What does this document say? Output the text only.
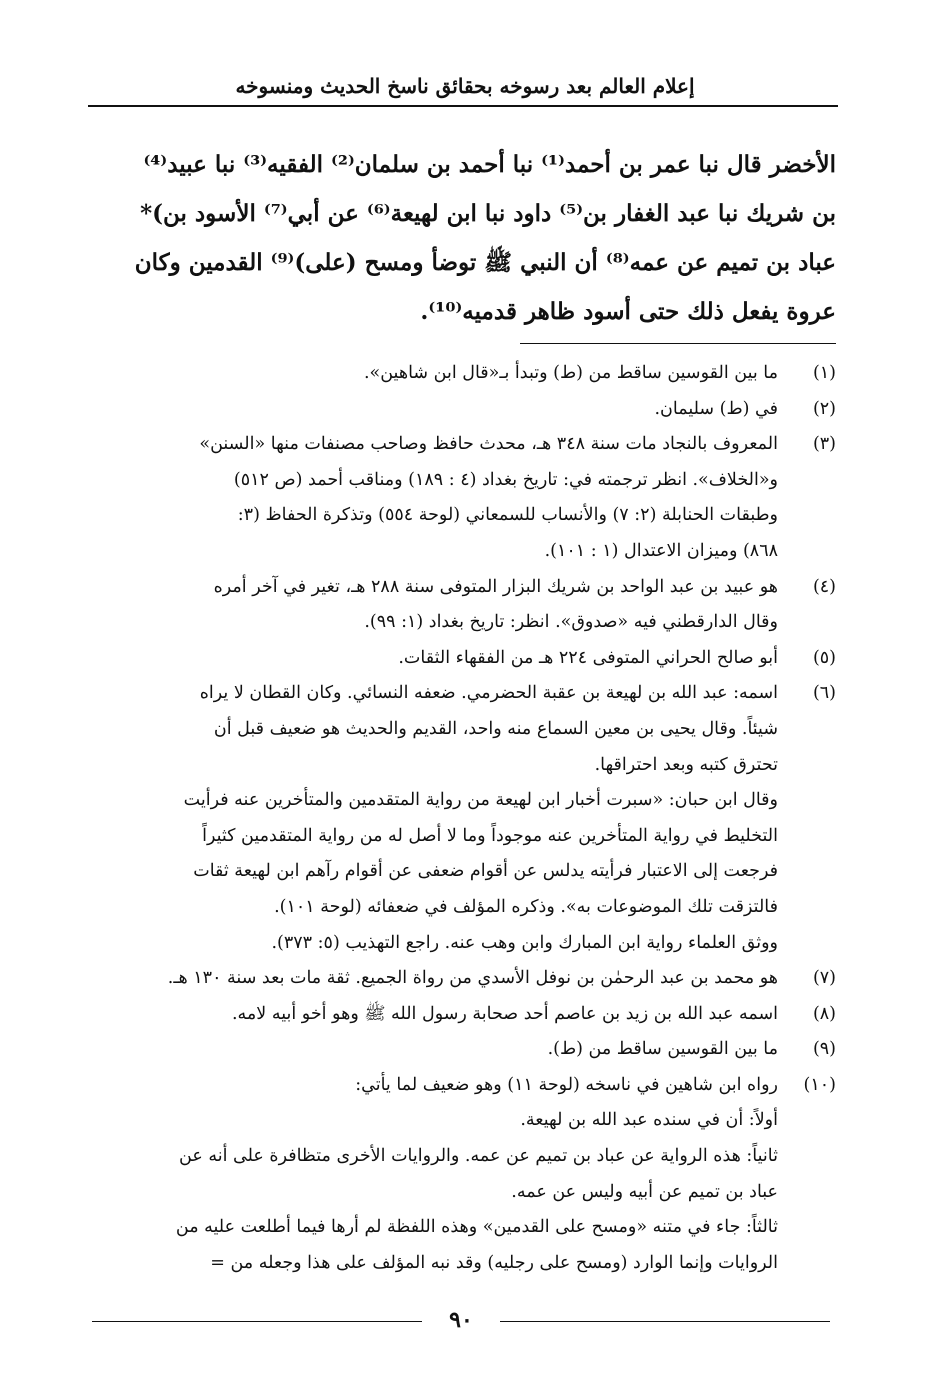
إعلام العالم بعد رسوخه بحقائق ناسخ الحديث ومنسوخه
الأخضر قال نبا عمر بن أحمد⁽¹⁾ نبا أحمد بن سلمان⁽²⁾ الفقيه⁽³⁾ نبا عبيد⁽⁴⁾
بن شريك نبا عبد الغفار بن⁽⁵⁾ داود نبا ابن لهيعة⁽⁶⁾ عن أبي⁽⁷⁾ الأسود بن)*
عباد بن تميم عن عمه⁽⁸⁾ أن النبي ﷺ توضأ ومسح (على)⁽⁹⁾ القدمين وكان
عروة يفعل ذلك حتى أسود ظاهر قدميه⁽¹⁰⁾.
(١)
ما بين القوسين ساقط من (ط) وتبدأ بـ«قال ابن شاهين».
(٢)
في (ط) سليمان.
(٣)
المعروف بالنجاد مات سنة ٣٤٨ هـ، محدث حافظ وصاحب مصنفات منها «السنن»
و«الخلاف». انظر ترجمته في: تاريخ بغداد (٤ : ١٨٩) ومناقب أحمد (ص ٥١٢)
وطبقات الحنابلة (٢: ٧) والأنساب للسمعاني (لوحة ٥٥٤) وتذكرة الحفاظ (٣:
٨٦٨) وميزان الاعتدال (١ : ١٠١).
(٤)
هو عبيد بن عبد الواحد بن شريك البزار المتوفى سنة ٢٨٨ هـ، تغير في آخر أمره
وقال الدارقطني فيه «صدوق». انظر: تاريخ بغداد (١: ٩٩).
(٥)
أبو صالح الحراني المتوفى ٢٢٤ هـ من الفقهاء الثقات.
(٦)
اسمه: عبد الله بن لهيعة بن عقبة الحضرمي. ضعفه النسائي. وكان القطان لا يراه
شيئاً. وقال يحيى بن معين السماع منه واحد، القديم والحديث هو ضعيف قبل أن
تحترق كتبه وبعد احتراقها.
وقال ابن حبان: «سبرت أخبار ابن لهيعة من رواية المتقدمين والمتأخرين عنه فرأيت
التخليط في رواية المتأخرين عنه موجوداً وما لا أصل له من رواية المتقدمين كثيراً
فرجعت إلى الاعتبار فرأيته يدلس عن أقوام ضعفى عن أقوام رآهم ابن لهيعة ثقات
فالتزقت تلك الموضوعات به». وذكره المؤلف في ضعفائه (لوحة ١٠١).
ووثق العلماء رواية ابن المبارك وابن وهب عنه. راجع التهذيب (٥: ٣٧٣).
(٧)
هو محمد بن عبد الرحمٰن بن نوفل الأسدي من رواة الجميع. ثقة مات بعد سنة ١٣٠ هـ.
(٨)
اسمه عبد الله بن زيد بن عاصم أحد صحابة رسول الله ﷺ وهو أخو أبيه لامه.
(٩)
ما بين القوسين ساقط من (ط).
(١٠)
رواه ابن شاهين في ناسخه (لوحة ١١) وهو ضعيف لما يأتي:
أولاً: أن في سنده عبد الله بن لهيعة.
ثانياً: هذه الرواية عن عباد بن تميم عن عمه. والروايات الأخرى متظافرة على أنه عن
عباد بن تميم عن أبيه وليس عن عمه.
ثالثاً: جاء في متنه «ومسح على القدمين» وهذه اللفظة لم أرها فيما أطلعت عليه من
الروايات وإنما الوارد (ومسح على رجليه) وقد نبه المؤلف على هذا وجعله من =
٩٠
